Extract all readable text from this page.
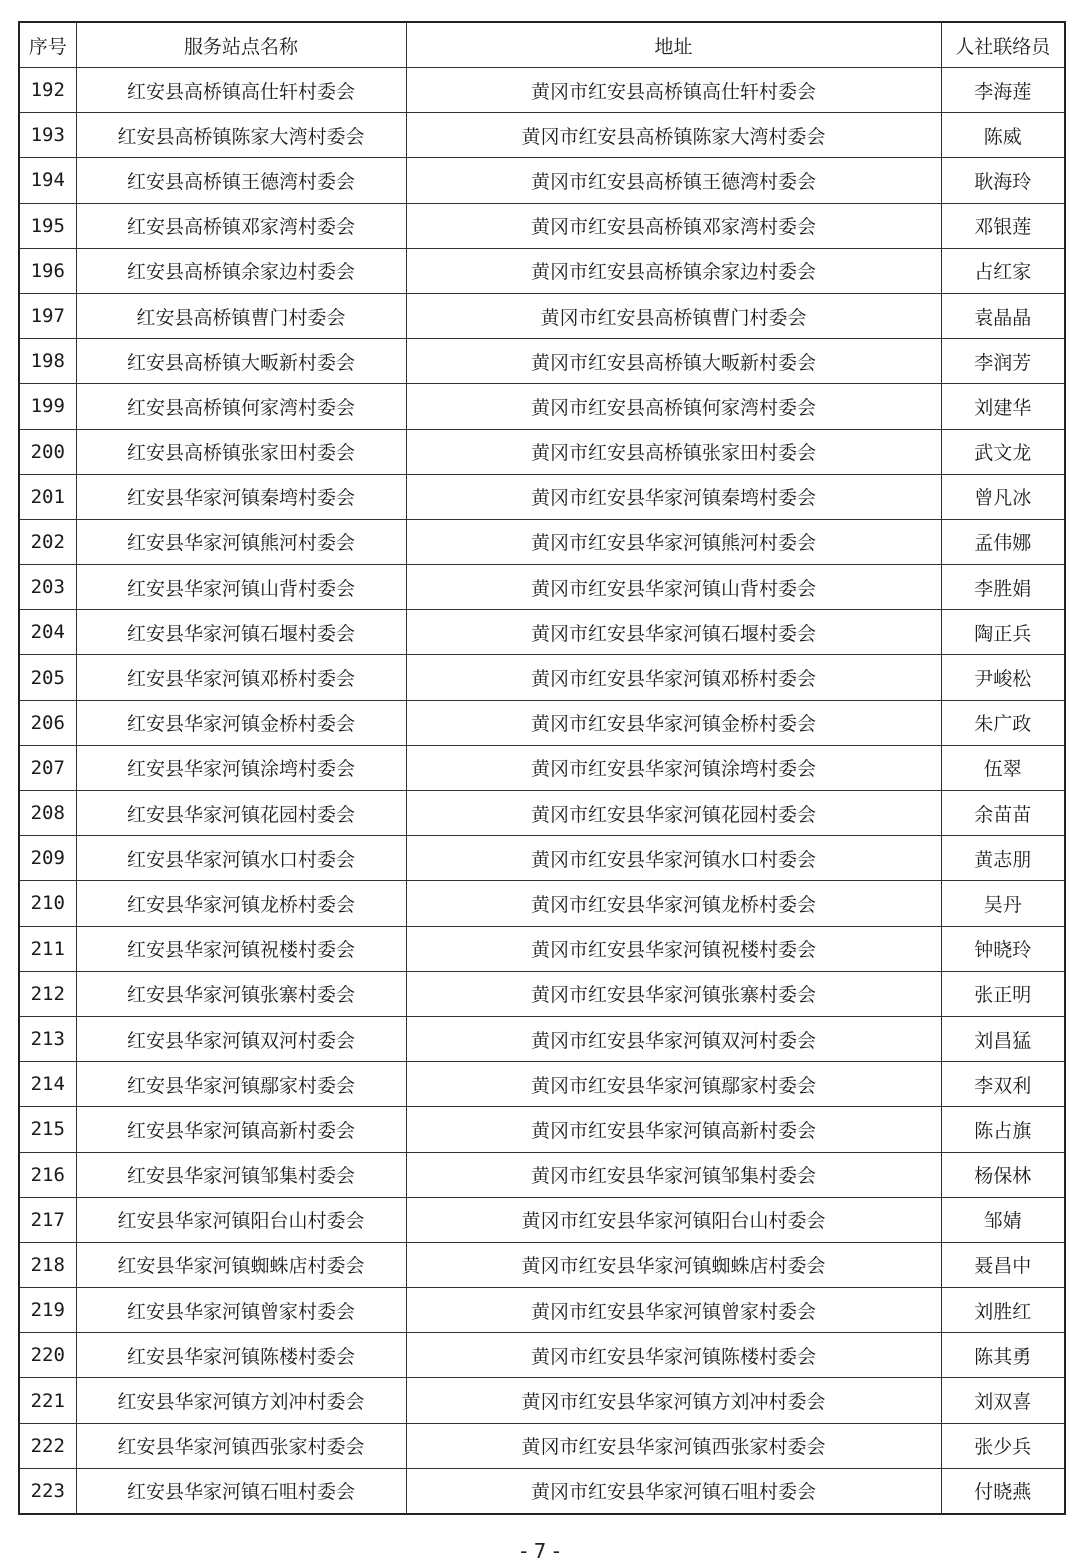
序号	服务站点名称	地址	人社联络员
192	红安县高桥镇高仕轩村委会	黄冈市红安县高桥镇高仕轩村委会	李海莲
193	红安县高桥镇陈家大湾村委会	黄冈市红安县高桥镇陈家大湾村委会	陈威
194	红安县高桥镇王德湾村委会	黄冈市红安县高桥镇王德湾村委会	耿海玲
195	红安县高桥镇邓家湾村委会	黄冈市红安县高桥镇邓家湾村委会	邓银莲
196	红安县高桥镇余家边村委会	黄冈市红安县高桥镇余家边村委会	占红家
197	红安县高桥镇曹门村委会	黄冈市红安县高桥镇曹门村委会	袁晶晶
198	红安县高桥镇大畈新村委会	黄冈市红安县高桥镇大畈新村委会	李润芳
199	红安县高桥镇何家湾村委会	黄冈市红安县高桥镇何家湾村委会	刘建华
200	红安县高桥镇张家田村委会	黄冈市红安县高桥镇张家田村委会	武文龙
201	红安县华家河镇秦塆村委会	黄冈市红安县华家河镇秦塆村委会	曾凡冰
202	红安县华家河镇熊河村委会	黄冈市红安县华家河镇熊河村委会	孟伟娜
203	红安县华家河镇山背村委会	黄冈市红安县华家河镇山背村委会	李胜娟
204	红安县华家河镇石堰村委会	黄冈市红安县华家河镇石堰村委会	陶正兵
205	红安县华家河镇邓桥村委会	黄冈市红安县华家河镇邓桥村委会	尹峻松
206	红安县华家河镇金桥村委会	黄冈市红安县华家河镇金桥村委会	朱广政
207	红安县华家河镇涂塆村委会	黄冈市红安县华家河镇涂塆村委会	伍翠
208	红安县华家河镇花园村委会	黄冈市红安县华家河镇花园村委会	余苗苗
209	红安县华家河镇水口村委会	黄冈市红安县华家河镇水口村委会	黄志朋
210	红安县华家河镇龙桥村委会	黄冈市红安县华家河镇龙桥村委会	吴丹
211	红安县华家河镇祝楼村委会	黄冈市红安县华家河镇祝楼村委会	钟晓玲
212	红安县华家河镇张寨村委会	黄冈市红安县华家河镇张寨村委会	张正明
213	红安县华家河镇双河村委会	黄冈市红安县华家河镇双河村委会	刘昌猛
214	红安县华家河镇鄢家村委会	黄冈市红安县华家河镇鄢家村委会	李双利
215	红安县华家河镇高新村委会	黄冈市红安县华家河镇高新村委会	陈占旗
216	红安县华家河镇邹集村委会	黄冈市红安县华家河镇邹集村委会	杨保林
217	红安县华家河镇阳台山村委会	黄冈市红安县华家河镇阳台山村委会	邹婧
218	红安县华家河镇蜘蛛店村委会	黄冈市红安县华家河镇蜘蛛店村委会	聂昌中
219	红安县华家河镇曾家村委会	黄冈市红安县华家河镇曾家村委会	刘胜红
220	红安县华家河镇陈楼村委会	黄冈市红安县华家河镇陈楼村委会	陈其勇
221	红安县华家河镇方刘冲村委会	黄冈市红安县华家河镇方刘冲村委会	刘双喜
222	红安县华家河镇西张家村委会	黄冈市红安县华家河镇西张家村委会	张少兵
223	红安县华家河镇石咀村委会	黄冈市红安县华家河镇石咀村委会	付晓燕
- 7 -
